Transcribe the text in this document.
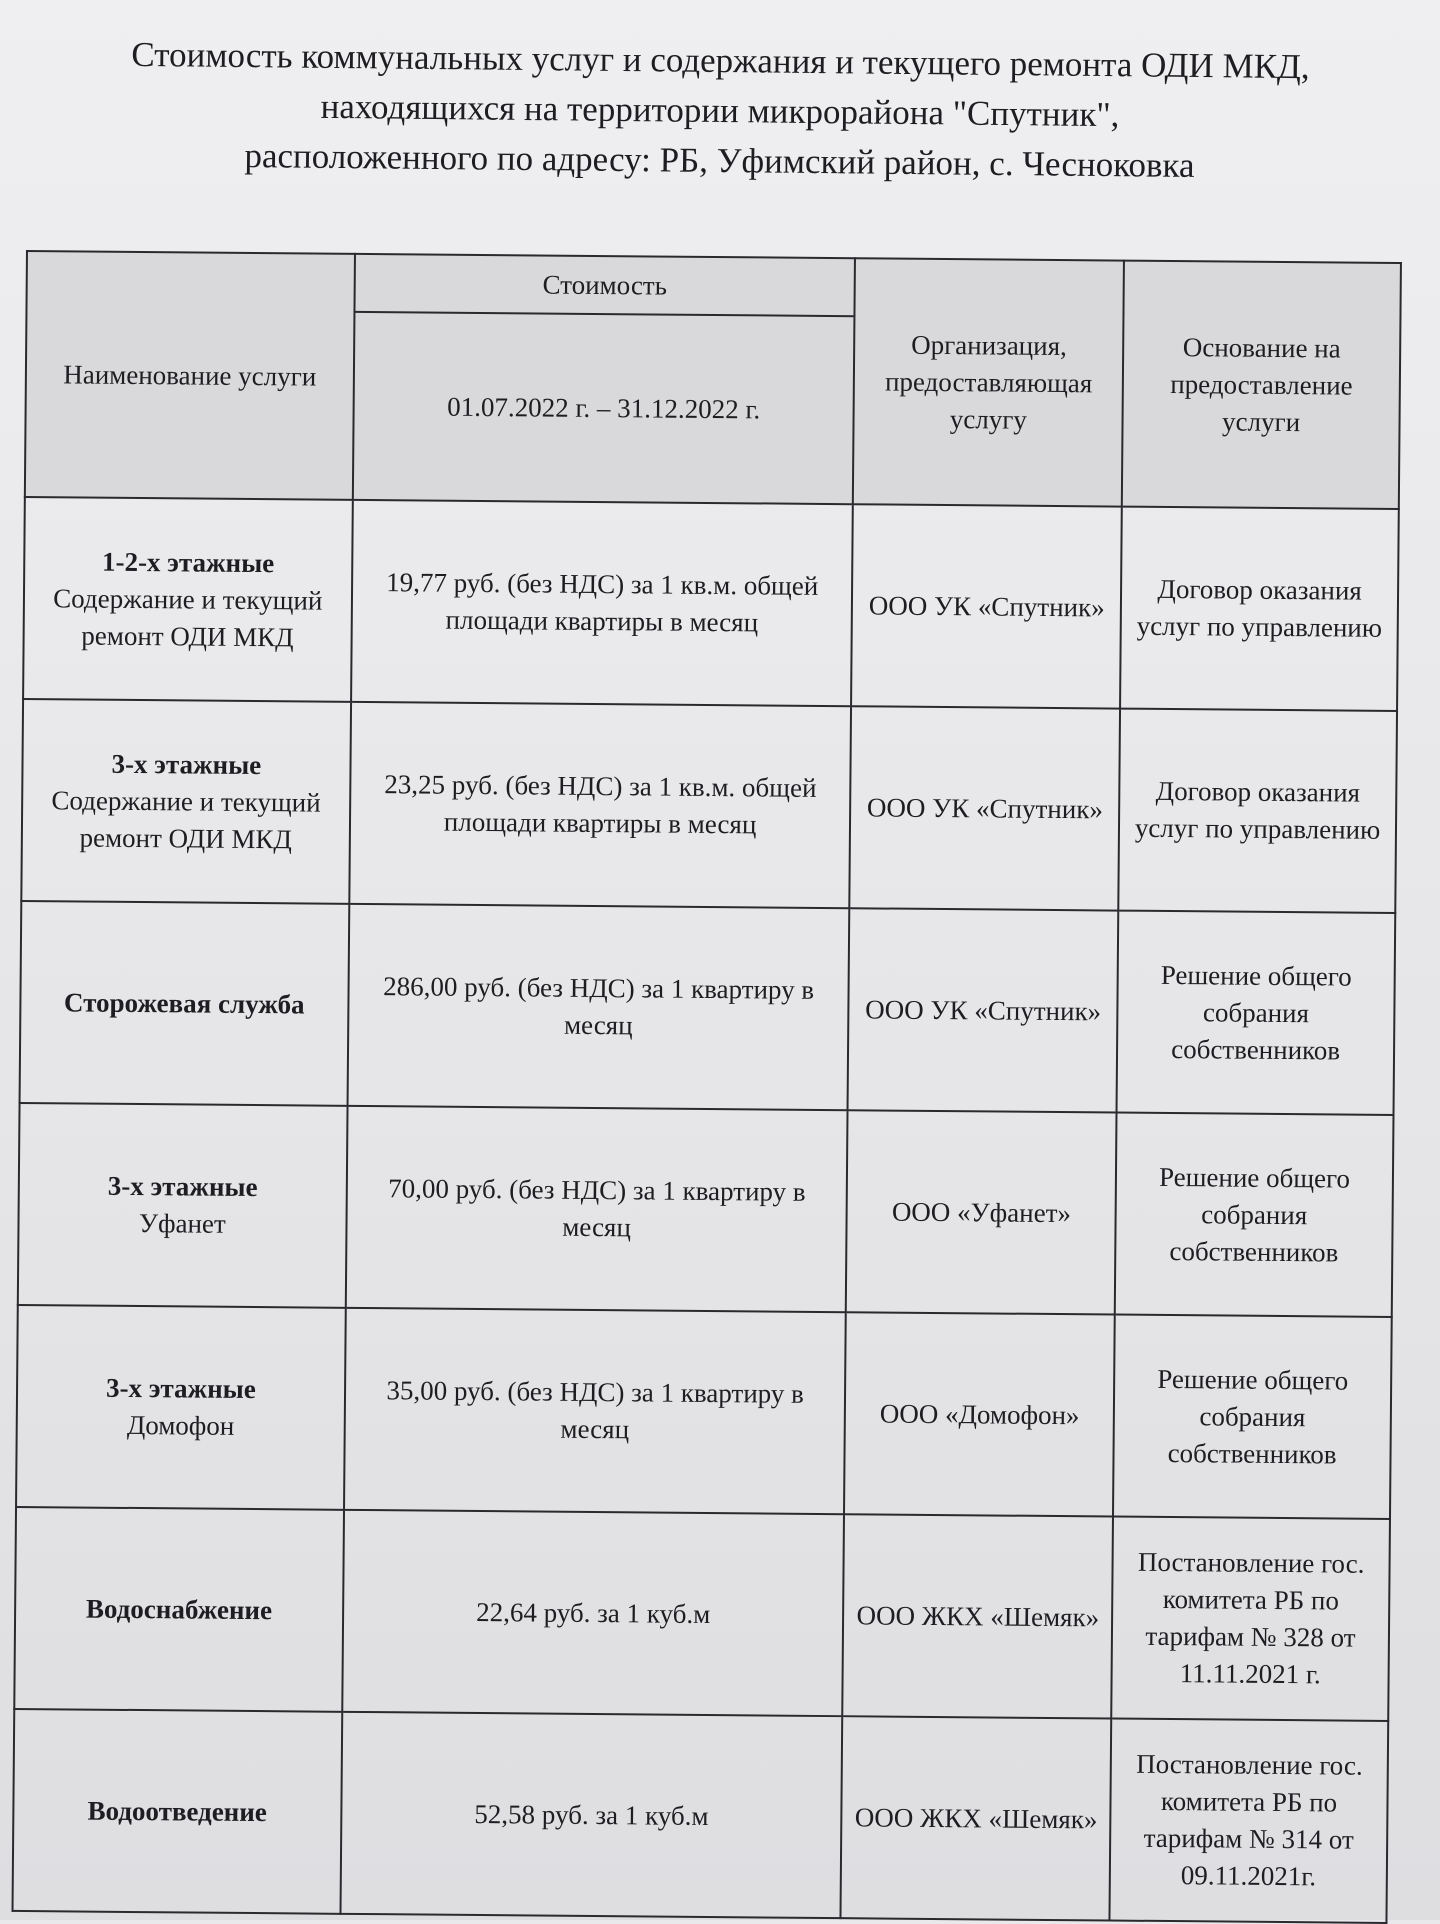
Стоимость коммунальных услуг и содержания и текущего ремонта ОДИ МКД,
находящихся на территории микрорайона "Спутник",
расположенного по адресу: РБ, Уфимский район, с. Чесноковка
Наименование услуги	Стоимость	Организация, предоставляющая услугу	Основание на предоставление услуги
	01.07.2022 г. – 31.12.2022 г.		

1-2-х этажные
Содержание и текущий ремонт ОДИ МКД	19,77 руб. (без НДС) за 1 кв.м. общей площади квартиры в месяц	ООО УК «Спутник»	Договор оказания услуг по управлению

3-х этажные
Содержание и текущий ремонт ОДИ МКД	23,25 руб. (без НДС) за 1 кв.м. общей площади квартиры в месяц	ООО УК «Спутник»	Договор оказания услуг по управлению

Сторожевая служба	286,00 руб. (без НДС) за 1 квартиру в месяц	ООО УК «Спутник»	Решение общего собрания собственников

3-х этажные
Уфанет	70,00 руб. (без НДС) за 1 квартиру в месяц	ООО «Уфанет»	Решение общего собрания собственников

3-х этажные
Домофон	35,00 руб. (без НДС) за 1 квартиру в месяц	ООО «Домофон»	Решение общего собрания собственников

Водоснабжение	22,64 руб. за 1 куб.м	ООО ЖКХ «Шемяк»	Постановление гос. комитета РБ по тарифам № 328 от 11.11.2021 г.

Водоотведение	52,58 руб. за 1 куб.м	ООО ЖКХ «Шемяк»	Постановление гос. комитета РБ по тарифам № 314 от 09.11.2021г.
